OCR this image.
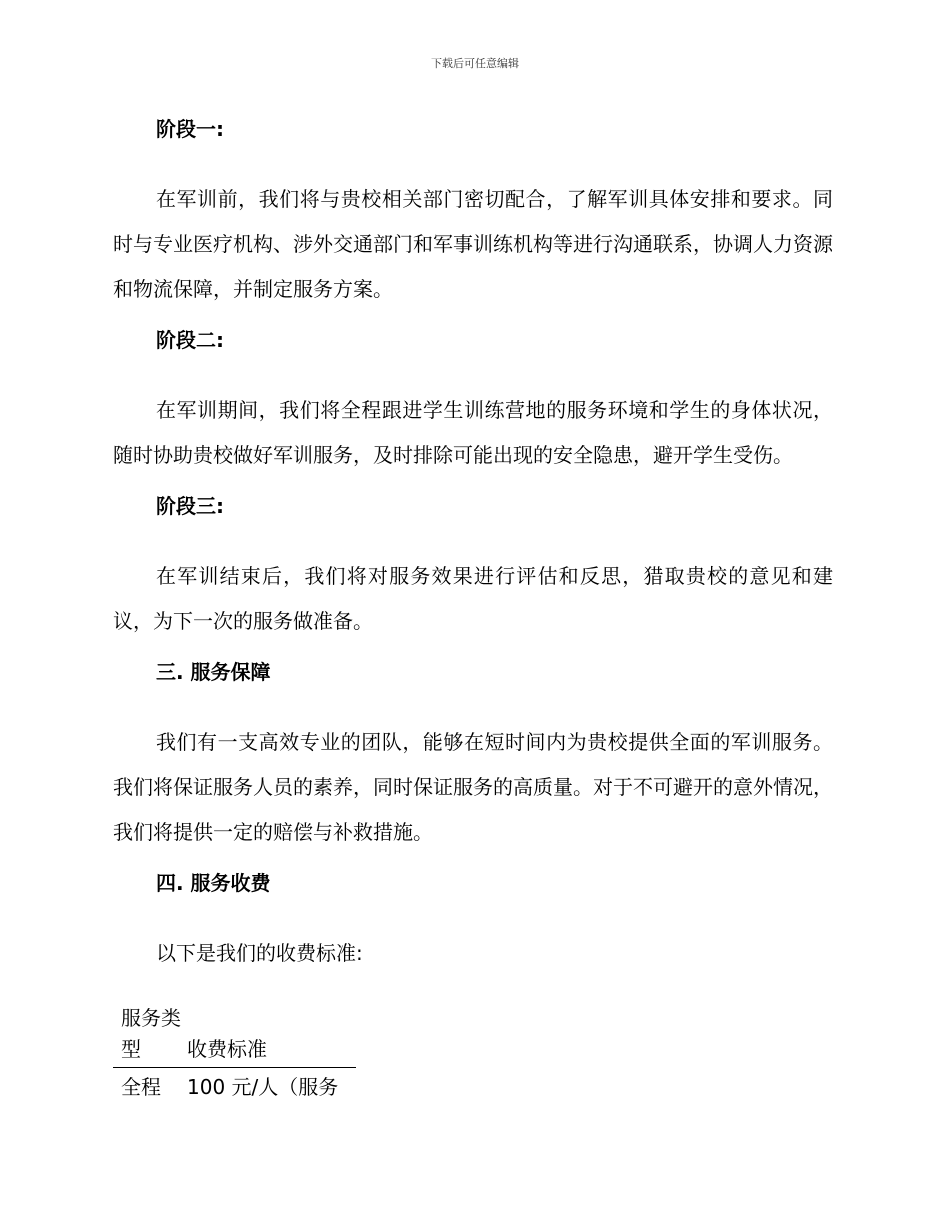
下载后可任意编辑
阶段一:
在军训前，我们将与贵校相关部门密切配合，了解军训具体安排和要求。同时与专业医疗机构、涉外交通部门和军事训练机构等进行沟通联系，协调人力资源和物流保障，并制定服务方案。
阶段二:
在军训期间，我们将全程跟进学生训练营地的服务环境和学生的身体状况，随时协助贵校做好军训服务，及时排除可能出现的安全隐患，避开学生受伤。
阶段三:
在军训结束后，我们将对服务效果进行评估和反思，猎取贵校的意见和建议，为下一次的服务做准备。
三. 服务保障
我们有一支高效专业的团队，能够在短时间内为贵校提供全面的军训服务。我们将保证服务人员的素养，同时保证服务的高质量。对于不可避开的意外情况，我们将提供一定的赔偿与补救措施。
四. 服务收费
以下是我们的收费标准:
服务类型	收费标准
全程	100 元/人（服务
